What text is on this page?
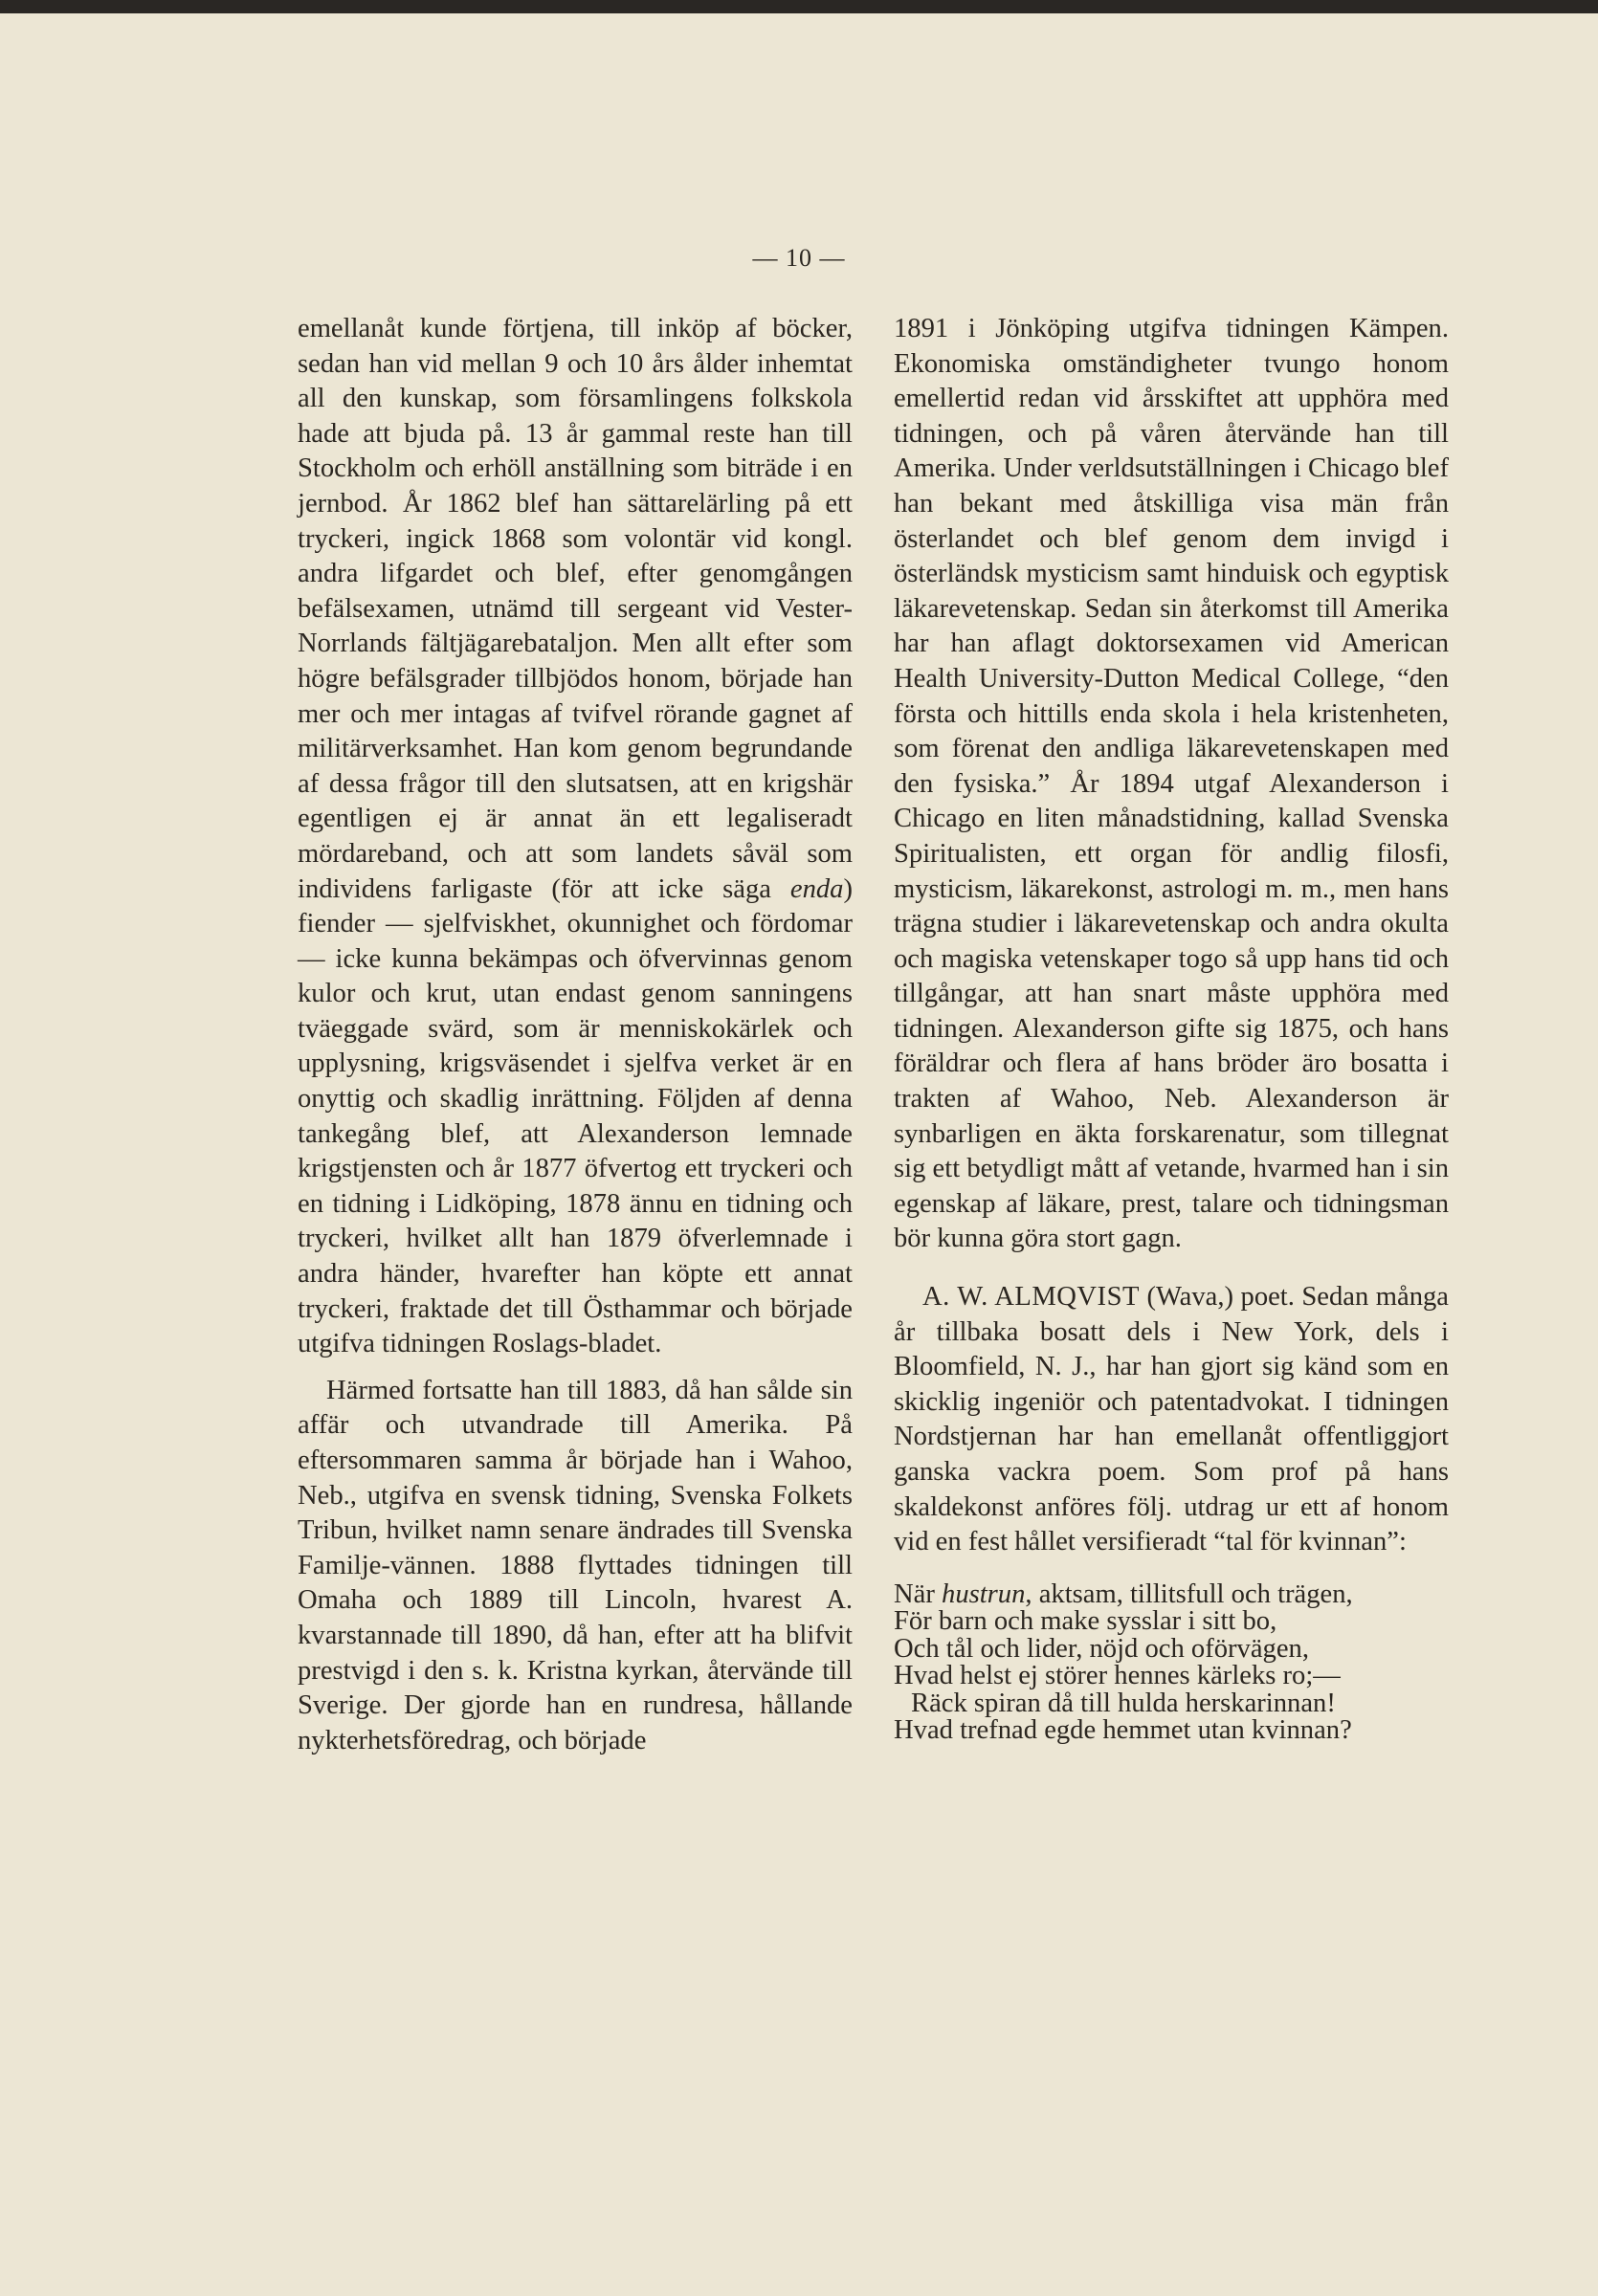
— 10 —

emellanåt kunde förtjena, till inköp af böcker, sedan han vid mellan 9 och 10 års ålder inhemtat all den kunskap, som församlingens folkskola hade att bjuda på. 13 år gammal reste han till Stockholm och erhöll anställning som biträde i en jernbod. År 1862 blef han sättarelärling på ett tryckeri, ingick 1868 som volontär vid kongl. andra lifgardet och blef, efter genomgången befälsexamen, utnämd till sergeant vid Vester-Norrlands fältjägarebataljon. Men allt efter som högre befälsgrader tillbjödos honom, började han mer och mer intagas af tvifvel rörande gagnet af militärverksamhet. Han kom genom begrundande af dessa frågor till den slutsatsen, att en krigshär egentligen ej är annat än ett legaliseradt mördareband, och att som landets såväl som individens farligaste (för att icke säga enda) fiender — sjelfviskhet, okunnighet och fördomar — icke kunna bekämpas och öfvervinnas genom kulor och krut, utan endast genom sanningens tväeggade svärd, som är menniskokärlek och upplysning, krigsväsendet i sjelfva verket är en onyttig och skadlig inrättning. Följden af denna tankegång blef, att Alexanderson lemnade krigstjensten och år 1877 öfvertog ett tryckeri och en tidning i Lidköping, 1878 ännu en tidning och tryckeri, hvilket allt han 1879 öfverlemnade i andra händer, hvarefter han köpte ett annat tryckeri, fraktade det till Östhammar och började utgifva tidningen Roslags-bladet.

Härmed fortsatte han till 1883, då han sålde sin affär och utvandrade till Amerika. På eftersommaren samma år började han i Wahoo, Neb., utgifva en svensk tidning, Svenska Folkets Tribun, hvilket namn senare ändrades till Svenska Familje-vännen. 1888 flyttades tidningen till Omaha och 1889 till Lincoln, hvarest A. kvarstannade till 1890, då han, efter att ha blifvit prestvigd i den s. k. Kristna kyrkan, återvände till Sverige. Der gjorde han en rundresa, hållande nykterhetsföredrag, och började

1891 i Jönköping utgifva tidningen Kämpen. Ekonomiska omständigheter tvungo honom emellertid redan vid årsskiftet att upphöra med tidningen, och på våren återvände han till Amerika. Under verldsutställningen i Chicago blef han bekant med åtskilliga visa män från österlandet och blef genom dem invigd i österländsk mysticism samt hinduisk och egyptisk läkarevetenskap. Sedan sin återkomst till Amerika har han aflagt doktorsexamen vid American Health University-Dutton Medical College, “den första och hittills enda skola i hela kristenheten, som förenat den andliga läkarevetenskapen med den fysiska.” År 1894 utgaf Alexanderson i Chicago en liten månadstidning, kallad Svenska Spiritualisten, ett organ för andlig filosfi, mysticism, läkarekonst, astrologi m. m., men hans trägna studier i läkarevetenskap och andra okulta och magiska vetenskaper togo så upp hans tid och tillgångar, att han snart måste upphöra med tidningen. Alexanderson gifte sig 1875, och hans föräldrar och flera af hans bröder äro bosatta i trakten af Wahoo, Neb. Alexanderson är synbarligen en äkta forskarenatur, som tillegnat sig ett betydligt mått af vetande, hvarmed han i sin egenskap af läkare, prest, talare och tidningsman bör kunna göra stort gagn.

A. W. ALMQVIST (Wava,) poet. Sedan många år tillbaka bosatt dels i New York, dels i Bloomfield, N. J., har han gjort sig känd som en skicklig ingeniör och patentadvokat. I tidningen Nordstjernan har han emellanåt offentliggjort ganska vackra poem. Som prof på hans skaldekonst anföres följ. utdrag ur ett af honom vid en fest hållet versifieradt “tal för kvinnan”:

När hustrun, aktsam, tillitsfull och trägen,
För barn och make sysslar i sitt bo,
Och tål och lider, nöjd och oförvägen,
Hvad helst ej störer hennes kärleks ro;—
Räck spiran då till hulda herskarinnan!
Hvad trefnad egde hemmet utan kvinnan?
